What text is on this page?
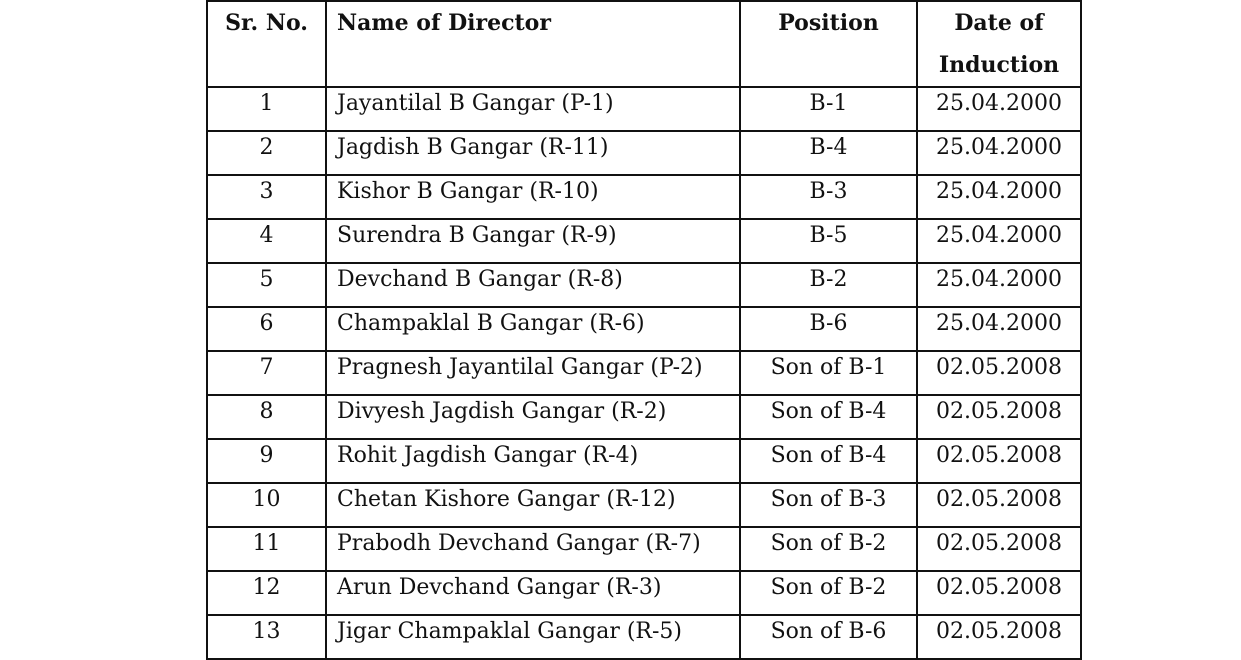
Sr. No.	Name of Director	Position	Date of
Induction

1	Jayantilal B Gangar (P-1)	B-1	25.04.2000
2	Jagdish B Gangar (R-11)	B-4	25.04.2000
3	Kishor B Gangar (R-10)	B-3	25.04.2000
4	Surendra B Gangar (R-9)	B-5	25.04.2000
5	Devchand B Gangar (R-8)	B-2	25.04.2000
6	Champaklal B Gangar (R-6)	B-6	25.04.2000
7	Pragnesh Jayantilal Gangar (P-2)	Son of B-1	02.05.2008
8	Divyesh Jagdish Gangar (R-2)	Son of B-4	02.05.2008
9	Rohit Jagdish Gangar (R-4)	Son of B-4	02.05.2008
10	Chetan Kishore Gangar (R-12)	Son of B-3	02.05.2008
11	Prabodh Devchand Gangar (R-7)	Son of B-2	02.05.2008
12	Arun Devchand Gangar (R-3)	Son of B-2	02.05.2008
13	Jigar Champaklal Gangar (R-5)	Son of B-6	02.05.2008
